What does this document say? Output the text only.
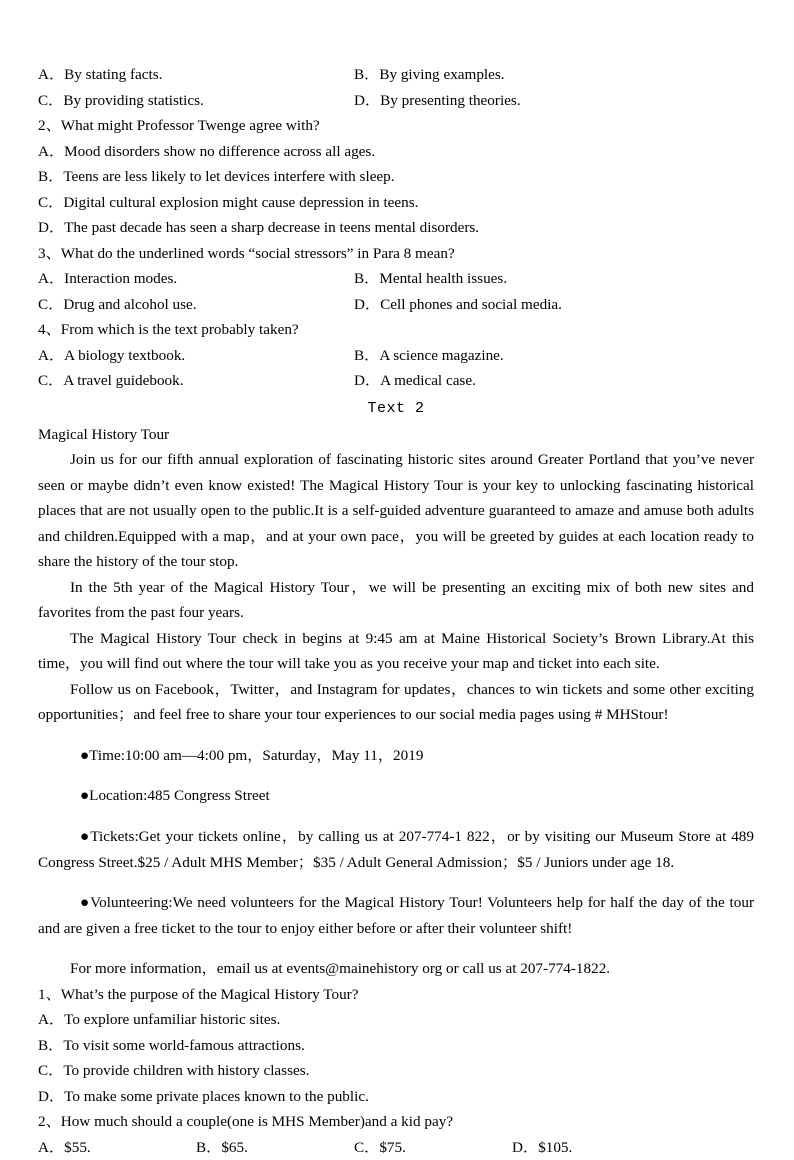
A．By stating facts.	B．By giving examples.
C．By providing statistics.	D．By presenting theories.

2、What might Professor Twenge agree with?

A．Mood disorders show no difference across all ages.

B．Teens are less likely to let devices interfere with sleep.

C．Digital cultural explosion might cause depression in teens.

D．The past decade has seen a sharp decrease in teens mental disorders.

3、What do the underlined words “social stressors” in Para 8 mean?

A．Interaction modes.	B．Mental health issues.
C．Drug and alcohol use.	D．Cell phones and social media.

4、From which is the text probably taken?

A．A biology textbook.	B．A science magazine.
C．A travel guidebook.	D．A medical case.
Text 2
Magical History Tour

Join us for our fifth annual exploration of fascinating historic sites around Greater Portland that you’ve never seen or maybe didn’t even know existed! The Magical History Tour is your key to unlocking fascinating historical places that are not usually open to the public.It is a self-guided adventure guaranteed to amaze and amuse both adults and children.Equipped with a map，and at your own pace，you will be greeted by guides at each location ready to share the history of the tour stop.

In the 5th year of the Magical History Tour，we will be presenting an exciting mix of both new sites and favorites from the past four years.

The Magical History Tour check in begins at 9:45 am at Maine Historical Society’s Brown Library.At this time，you will find out where the tour will take you as you receive your map and ticket into each site.

Follow us on Facebook，Twitter，and Instagram for updates，chances to win tickets and some other exciting opportunities；and feel free to share your tour experiences to our social media pages using # MHStour!

●Time:10:00 am—4:00 pm，Saturday，May 11，2019

●Location:485 Congress Street

●Tickets:Get your tickets online，by calling us at 207-774-1 822，or by visiting our Museum Store at 489 Congress Street.$25 / Adult MHS Member；$35 / Adult General Admission；$5 / Juniors under age 18.

●Volunteering:We need volunteers for the Magical History Tour! Volunteers help for half the day of the tour and are given a free ticket to the tour to enjoy either before or after their volunteer shift!

For more information，email us at events@mainehistory org or call us at 207-774-1822.

1、What’s the purpose of the Magical History Tour?

A．To explore unfamiliar historic sites.

B．To visit some world-famous attractions.

C．To provide children with history classes.

D．To make some private places known to the public.

2、How much should a couple(one is MHS Member)and a kid pay?

A．$55.	B．$65.	C．$75.	D．$105.
